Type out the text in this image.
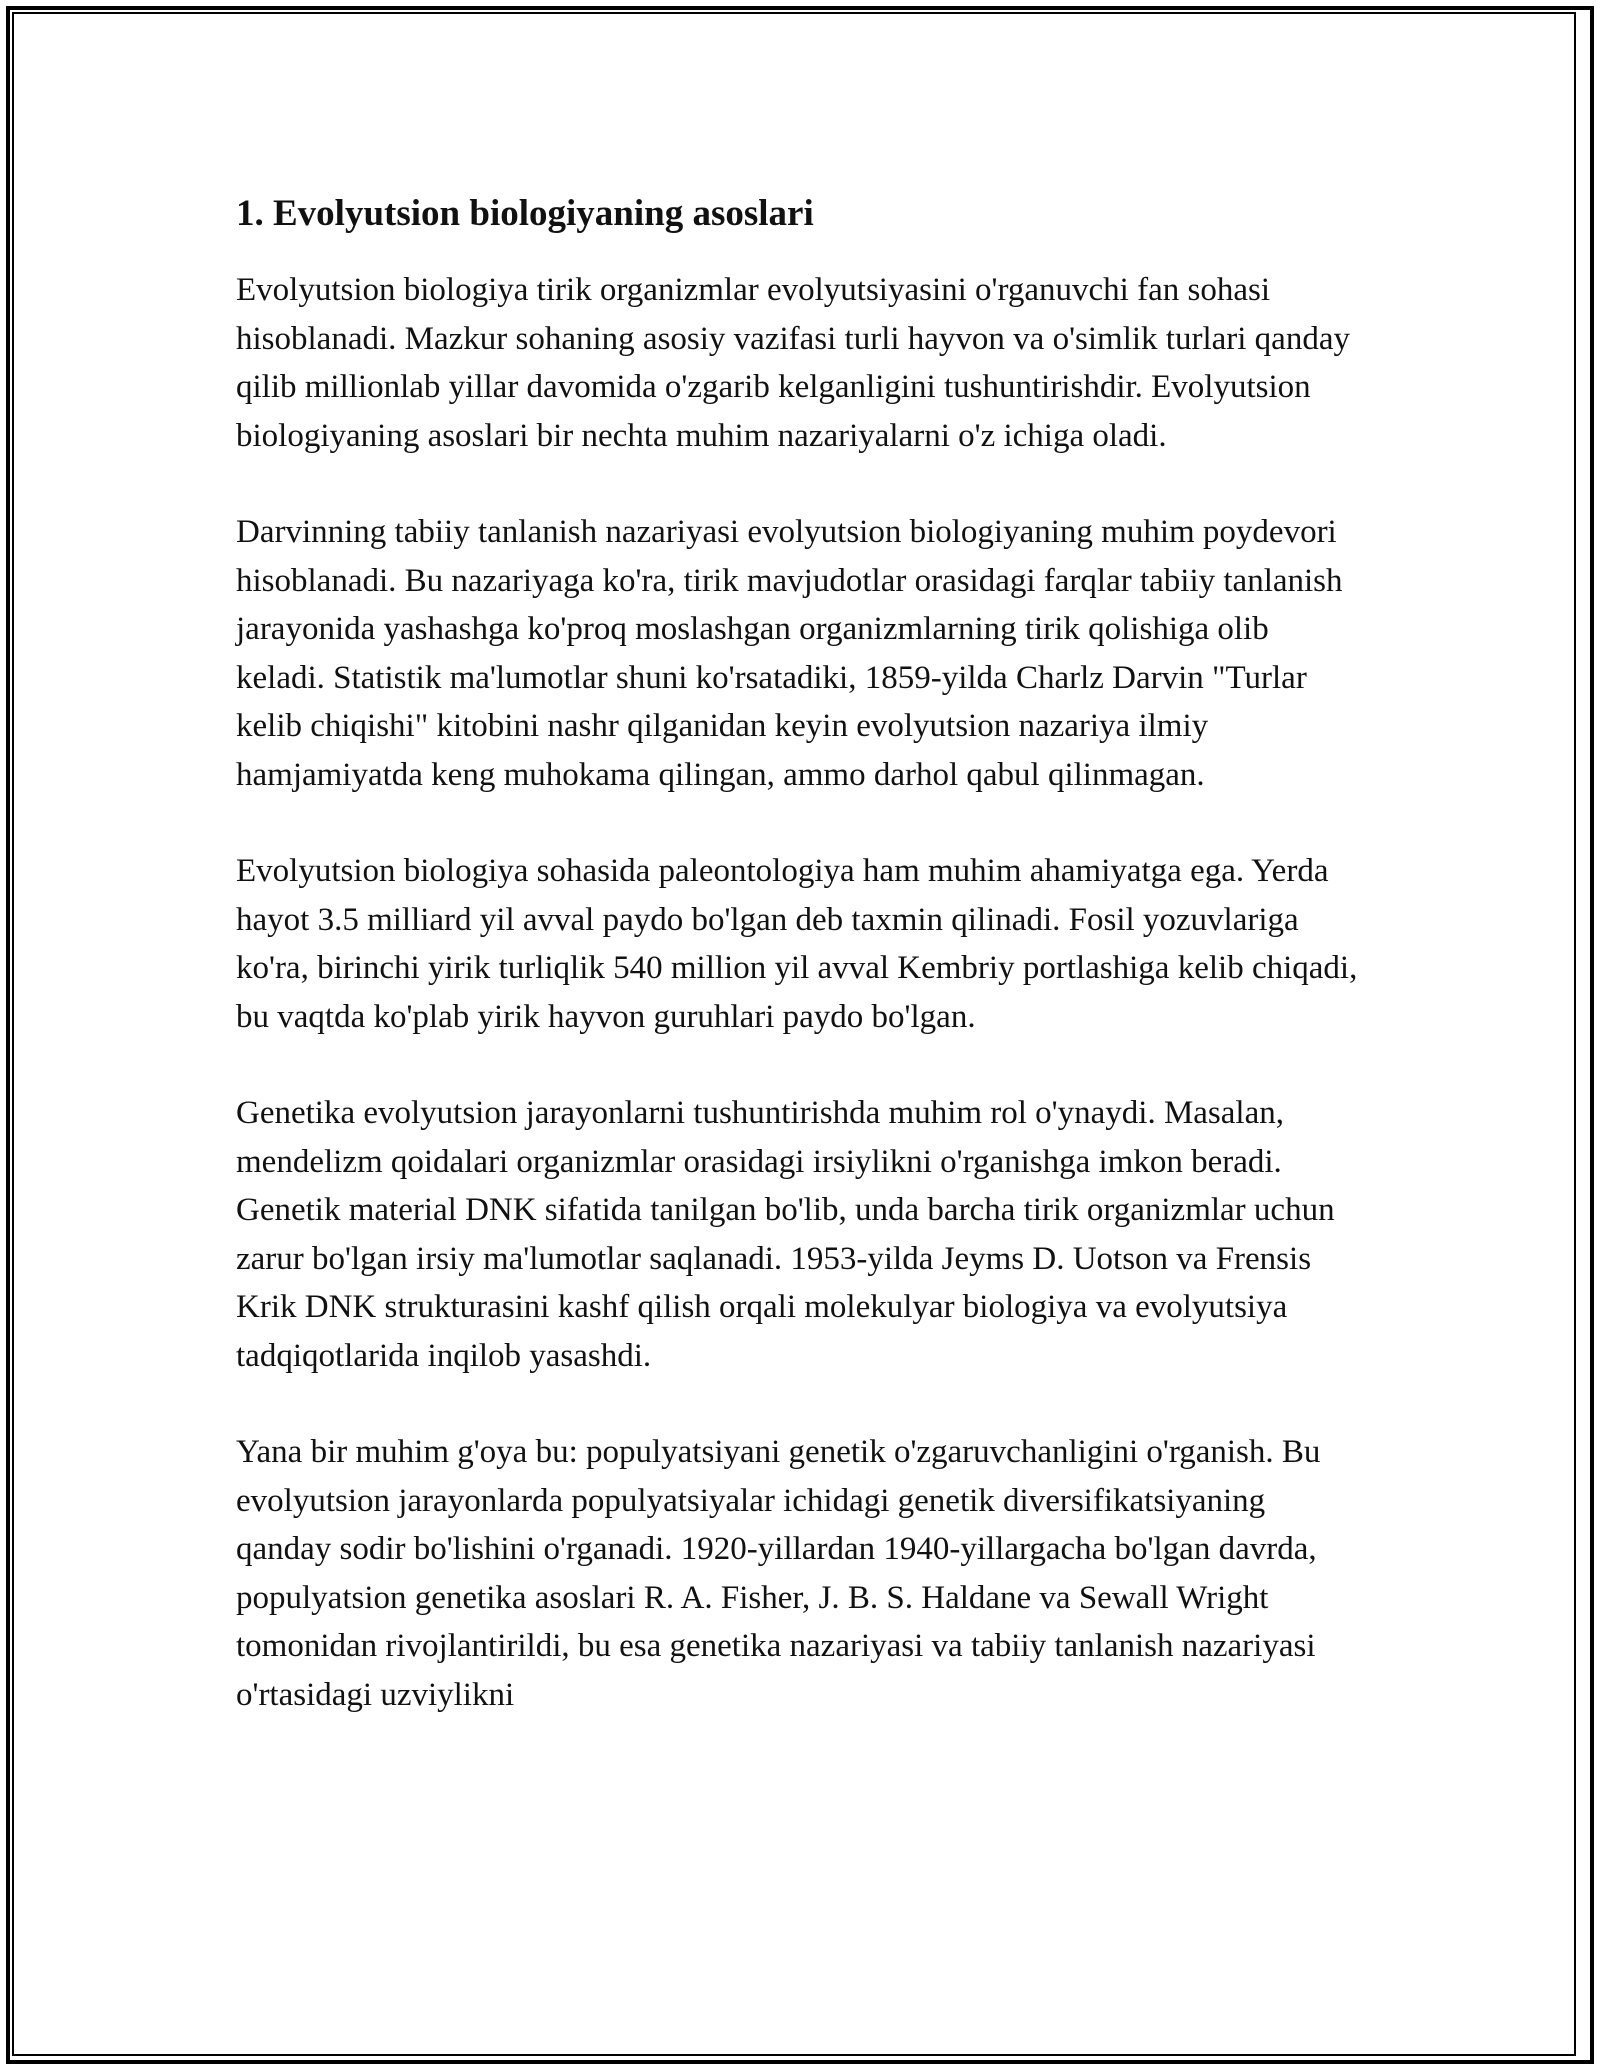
1. Evolyutsion biologiyaning asoslari

Evolyutsion biologiya tirik organizmlar evolyutsiyasini o'rganuvchi fan sohasi hisoblanadi. Mazkur sohaning asosiy vazifasi turli hayvon va o'simlik turlari qanday qilib millionlab yillar davomida o'zgarib kelganligini tushuntirishdir. Evolyutsion biologiyaning asoslari bir nechta muhim nazariyalarni o'z ichiga oladi.

Darvinning tabiiy tanlanish nazariyasi evolyutsion biologiyaning muhim poydevori hisoblanadi. Bu nazariyaga ko'ra, tirik mavjudotlar orasidagi farqlar tabiiy tanlanish jarayonida yashashga ko'proq moslashgan organizmlarning tirik qolishiga olib keladi. Statistik ma'lumotlar shuni ko'rsatadiki, 1859-yilda Charlz Darvin "Turlar kelib chiqishi" kitobini nashr qilganidan keyin evolyutsion nazariya ilmiy hamjamiyatda keng muhokama qilingan, ammo darhol qabul qilinmagan.

Evolyutsion biologiya sohasida paleontologiya ham muhim ahamiyatga ega. Yerda hayot 3.5 milliard yil avval paydo bo'lgan deb taxmin qilinadi. Fosil yozuvlariga ko'ra, birinchi yirik turliqlik 540 million yil avval Kembriy portlashiga kelib chiqadi, bu vaqtda ko'plab yirik hayvon guruhlari paydo bo'lgan.

Genetika evolyutsion jarayonlarni tushuntirishda muhim rol o'ynaydi. Masalan, mendelizm qoidalari organizmlar orasidagi irsiylikni o'rganishga imkon beradi. Genetik material DNK sifatida tanilgan bo'lib, unda barcha tirik organizmlar uchun zarur bo'lgan irsiy ma'lumotlar saqlanadi. 1953-yilda Jeyms D. Uotson va Frensis Krik DNK strukturasini kashf qilish orqali molekulyar biologiya va evolyutsiya tadqiqotlarida inqilob yasashdi.

Yana bir muhim g'oya bu: populyatsiyani genetik o'zgaruvchanligini o'rganish. Bu evolyutsion jarayonlarda populyatsiyalar ichidagi genetik diversifikatsiyaning qanday sodir bo'lishini o'rganadi. 1920-yillardan 1940-yillargacha bo'lgan davrda, populyatsion genetika asoslari R. A. Fisher, J. B. S. Haldane va Sewall Wright tomonidan rivojlantirildi, bu esa genetika nazariyasi va tabiiy tanlanish nazariyasi o'rtasidagi uzviylikni
